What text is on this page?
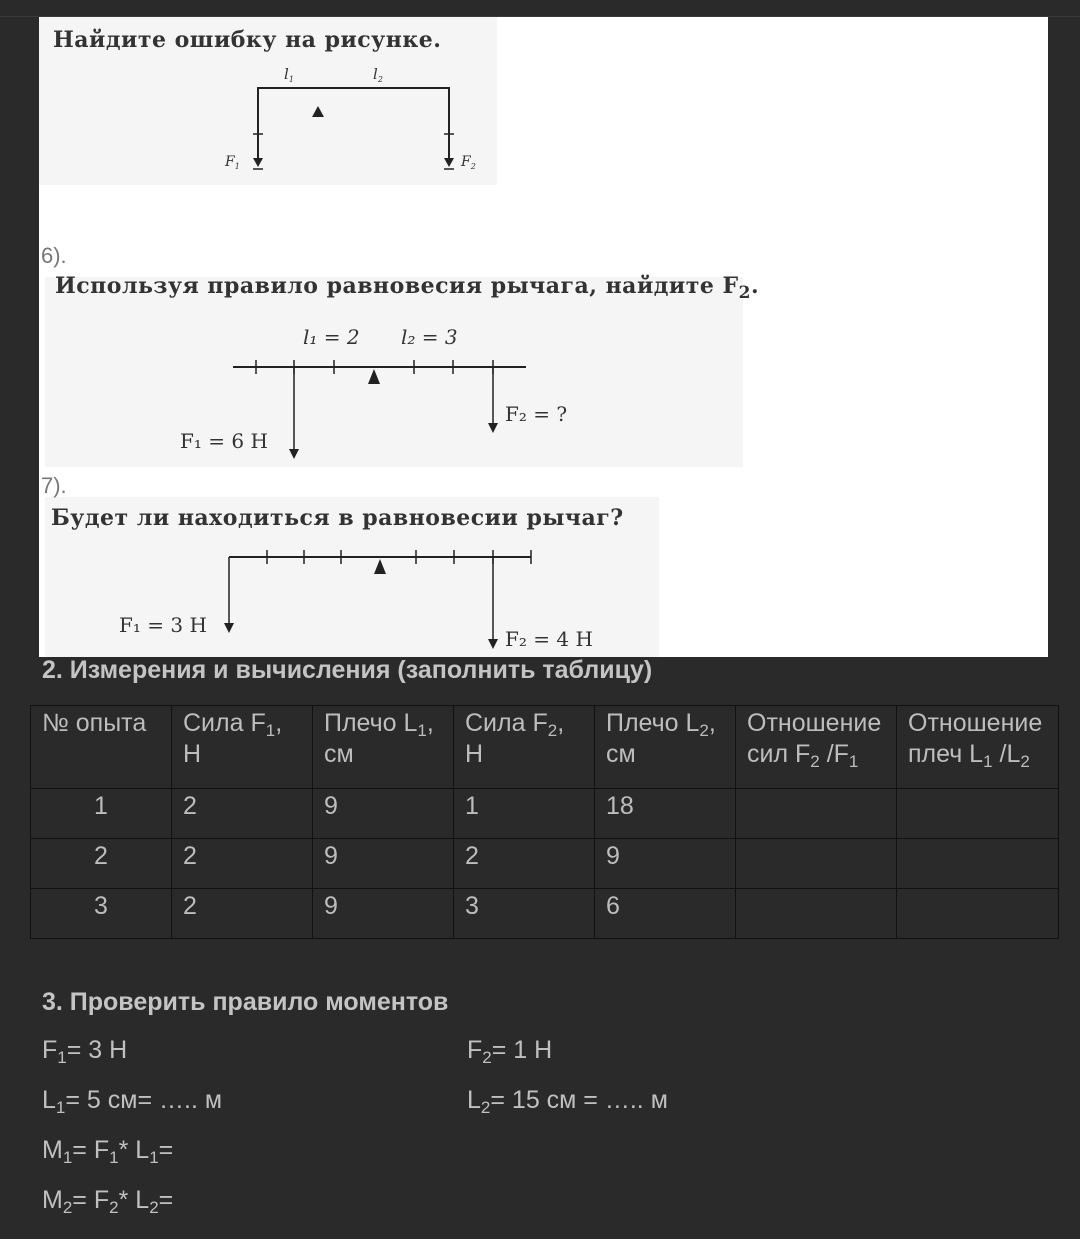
Найдите ошибку на рисунке.
$l_1$	$l_2$
$F_1$	$F_2$
6).
Используя правило равновесия рычага, найдите $F_2$.
l₁ = 2 l₂ = 3
F₁ = 6 Н
F₂ = ?
7).
Будет ли находиться в равновесии рычаг?
F₁ = 3 Н
F₂ = 4 Н
2. Измерения и вычисления (заполнить таблицу)
№ опыта	Сила $F_1$, Н	Плечо $L_1$, см	Сила $F_2$, Н	Плечо $L_2$, см	Отношение сил $F_2$ $/F_1$	Отношение плеч $L_1$ $/L_2$
1	2	9	1	18		
2	2	9	2	9		
3	2	9	3	6		
3. Проверить правило моментов
$F_1= 3$ Н	$F_2= 1$ Н
$L_1= 5$ см= ….. м	$L_2= 15$ см = ….. м
$M_1= F_1*$ $L_1=$
$M_2= F_2*$ $L_2=$
